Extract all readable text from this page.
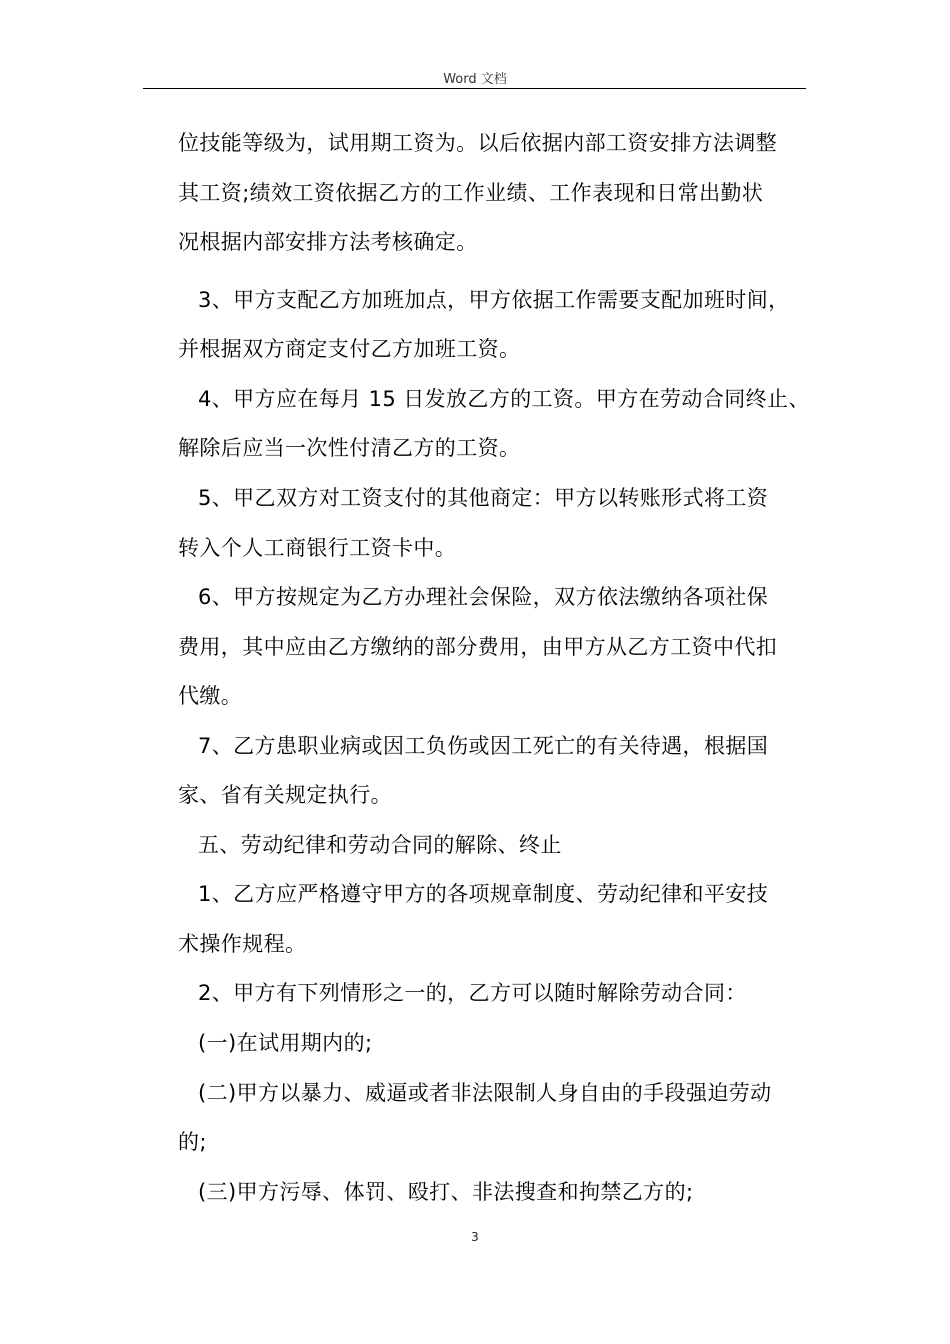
Word 文档
位技能等级为，试用期工资为。以后依据内部工资安排方法调整
其工资;绩效工资依据乙方的工作业绩、工作表现和日常出勤状
况根据内部安排方法考核确定。
3、甲方支配乙方加班加点，甲方依据工作需要支配加班时间，
并根据双方商定支付乙方加班工资。
4、甲方应在每月 15 日发放乙方的工资。甲方在劳动合同终止、
解除后应当一次性付清乙方的工资。
5、甲乙双方对工资支付的其他商定：甲方以转账形式将工资
转入个人工商银行工资卡中。
6、甲方按规定为乙方办理社会保险，双方依法缴纳各项社保
费用，其中应由乙方缴纳的部分费用，由甲方从乙方工资中代扣
代缴。
7、乙方患职业病或因工负伤或因工死亡的有关待遇，根据国
家、省有关规定执行。
五、劳动纪律和劳动合同的解除、终止
1、乙方应严格遵守甲方的各项规章制度、劳动纪律和平安技
术操作规程。
2、甲方有下列情形之一的，乙方可以随时解除劳动合同：
(一)在试用期内的;
(二)甲方以暴力、威逼或者非法限制人身自由的手段强迫劳动
的;
(三)甲方污辱、体罚、殴打、非法搜查和拘禁乙方的;
3
